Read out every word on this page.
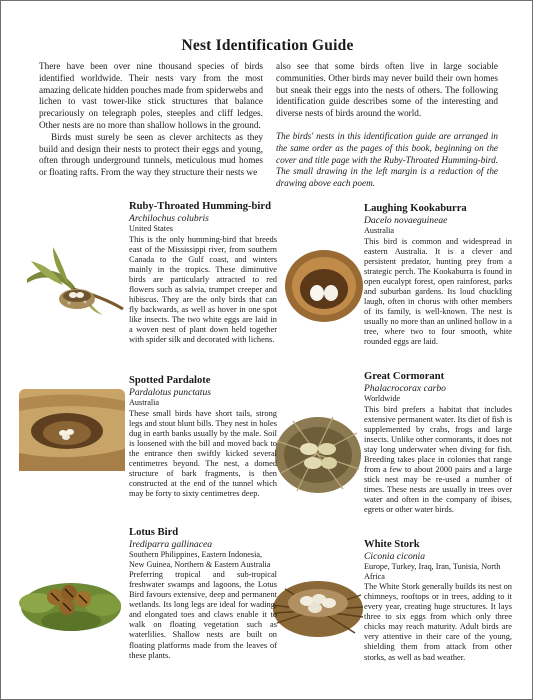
Nest Identification Guide

There have been over nine thousand species of birds identified worldwide. Their nests vary from the most amazing delicate hidden pouches made from spiderwebs and lichen to vast tower-like stick structures that balance precariously on telegraph poles, steeples and cliff ledges. Other nests are no more than shallow hollows in the ground.

Birds must surely be seen as clever architects as they build and design their nests to protect their eggs and young, often through underground tunnels, meticulous mud homes or floating rafts. From the way they structure their nests we

also see that some birds often live in large sociable communities. Other birds may never build their own homes but sneak their eggs into the nests of others. The following identification guide describes some of the interesting and diverse nests of birds around the world.

The birds' nests in this identification guide are arranged in the same order as the pages of this book, beginning on the cover and title page with the Ruby-Throated Humming-bird. The small drawing in the left margin is a reduction of the drawing above each poem.
Ruby-Throated Humming-bird
Archilochus colubris
United States
This is the only humming-bird that breeds east of the Mississippi river, from southern Canada to the Gulf coast, and winters mainly in the tropics. These diminutive birds are particularly attracted to red flowers such as salvia, trumpet creeper and hibiscus. They are the only birds that can fly backwards, as well as hover in one spot like insects. The two white eggs are laid in a woven nest of plant down held together with spider silk and decorated with lichens.
Spotted Pardalote
Pardalotus punctatus
Australia
These small birds have short tails, strong legs and stout blunt bills. They nest in holes dug in earth banks usually by the male. Soil is loosened with the bill and moved back to the entrance then swiftly kicked several centimetres beyond. The nest, a domed structure of bark fragments, is then constructed at the end of the tunnel which may be forty to sixty centimetres deep.
Lotus Bird
Irediparra gallinacea
Southern Philippines, Eastern Indonesia, New Guinea, Northern & Eastern Australia
Preferring tropical and sub-tropical freshwater swamps and lagoons, the Lotus Bird favours extensive, deep and permanent wetlands. Its long legs are ideal for wading, and elongated toes and claws enable it to walk on floating vegetation such as waterlilies. Shallow nests are built on floating platforms made from the leaves of these plants.
Laughing Kookaburra
Dacelo novaeguineae
Australia
This bird is common and widespread in eastern Australia. It is a clever and persistent predator, hunting prey from a strategic perch. The Kookaburra is found in open eucalypt forest, open rainforest, parks and suburban gardens. Its loud chuckling laugh, often in chorus with other members of its family, is well-known. The nest is usually no more than an unlined hollow in a tree, where two to four smooth, white rounded eggs are laid.
Great Cormorant
Phalacrocorax carbo
Worldwide
This bird prefers a habitat that includes extensive permanent water. Its diet of fish is supplemented by crabs, frogs and large insects. Unlike other cormorants, it does not stay long underwater when diving for fish. Breeding takes place in colonies that range from a few to about 2000 pairs and a large stick nest may be re-used a number of times. These nests are usually in trees over water and often in the company of ibises, egrets or other water birds.
White Stork
Ciconia ciconia
Europe, Turkey, Iraq, Iran, Tunisia, North Africa
The White Stork generally builds its nest on chimneys, rooftops or in trees, adding to it every year, creating huge structures. It lays three to six eggs from which only three chicks may reach maturity. Adult birds are very attentive in their care of the young, shielding them from attack from other storks, as well as bad weather.
